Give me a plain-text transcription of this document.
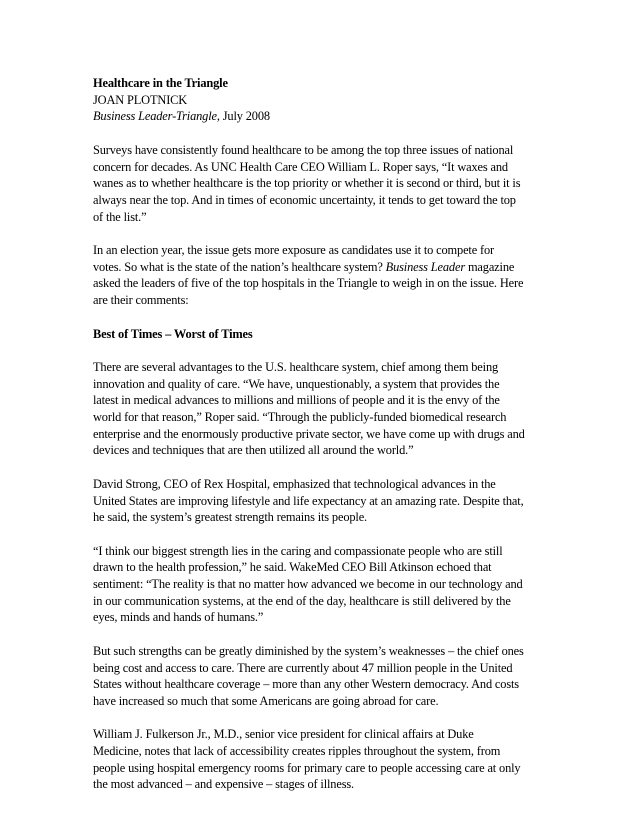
Healthcare in the Triangle
JOAN PLOTNICK
Business Leader-Triangle, July 2008
Surveys have consistently found healthcare to be among the top three issues of national
concern for decades. As UNC Health Care CEO William L. Roper says, “It waxes and
wanes as to whether healthcare is the top priority or whether it is second or third, but it is
always near the top. And in times of economic uncertainty, it tends to get toward the top
of the list.”
In an election year, the issue gets more exposure as candidates use it to compete for
votes. So what is the state of the nation’s healthcare system? Business Leader magazine
asked the leaders of five of the top hospitals in the Triangle to weigh in on the issue. Here
are their comments:
Best of Times – Worst of Times
There are several advantages to the U.S. healthcare system, chief among them being
innovation and quality of care. “We have, unquestionably, a system that provides the
latest in medical advances to millions and millions of people and it is the envy of the
world for that reason,” Roper said. “Through the publicly-funded biomedical research
enterprise and the enormously productive private sector, we have come up with drugs and
devices and techniques that are then utilized all around the world.”
David Strong, CEO of Rex Hospital, emphasized that technological advances in the
United States are improving lifestyle and life expectancy at an amazing rate. Despite that,
he said, the system’s greatest strength remains its people.
“I think our biggest strength lies in the caring and compassionate people who are still
drawn to the health profession,” he said. WakeMed CEO Bill Atkinson echoed that
sentiment: “The reality is that no matter how advanced we become in our technology and
in our communication systems, at the end of the day, healthcare is still delivered by the
eyes, minds and hands of humans.”
But such strengths can be greatly diminished by the system’s weaknesses – the chief ones
being cost and access to care. There are currently about 47 million people in the United
States without healthcare coverage – more than any other Western democracy. And costs
have increased so much that some Americans are going abroad for care.
William J. Fulkerson Jr., M.D., senior vice president for clinical affairs at Duke
Medicine, notes that lack of accessibility creates ripples throughout the system, from
people using hospital emergency rooms for primary care to people accessing care at only
the most advanced – and expensive – stages of illness.
